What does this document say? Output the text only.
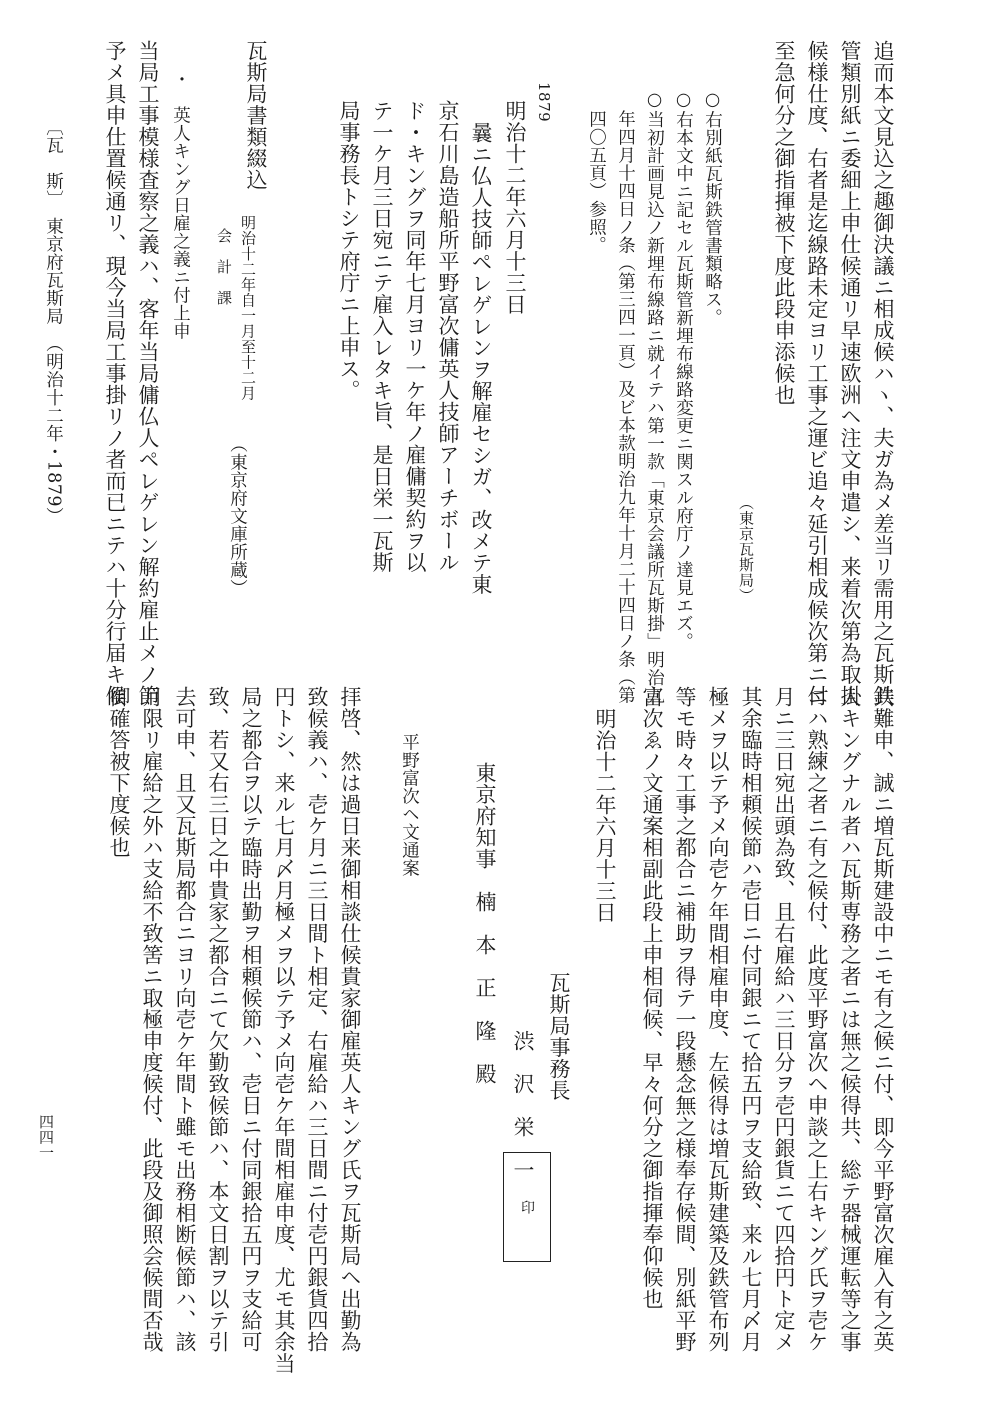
追而本文見込之趣御決議ニ相成候ハヽ、夫ガ為メ差当リ需用之瓦斯鉄

管類別紙ニ委細上申仕候通リ早速欧洲ヘ注文申遣シ、来着次第為取掛

候様仕度、右者是迄線路未定ヨリ工事之運ビ追々延引相成候次第ニ付

至急何分之御指揮被下度此段申添候也

（東京瓦斯局）

○右別紙瓦斯鉄管書類略ス。

○右本文中ニ記セル瓦斯管新埋布線路変更ニ関スル府庁ノ達見エズ。

○当初計画見込ノ新埋布線路ニ就イテハ第一款「東京会議所瓦斯掛」明治九

年四月十四日ノ条（第三四一頁）及ビ本款明治九年十月二十四日ノ条（第

四〇五頁）参照。

1879

明治十二年六月十三日

曩ニ仏人技師ペレゲレンヲ解雇セシガ、改メテ東

京石川島造船所平野富次傭英人技師アーチボール

ド・キングヲ同年七月ヨリ一ケ年ノ雇傭契約ヲ以

テ一ケ月三日宛ニテ雇入レタキ旨、是日栄一瓦斯

局事務長トシテ府庁ニ上申ス。

瓦斯局書類綴込

明治十二年自一月至十二月

会　計　課

（東京府文庫所蔵）

・　英人キング日雇之義ニ付上申

当局工事模様査察之義ハ、客年当局傭仏人ペレゲレン解約雇止メノ節

予メ具申仕置候通リ、現今当局工事掛リノ者而已ニテハ十分行届キ候

〔瓦　斯〕　東京府瓦斯局　（明治十二年・1879）

共難申、誠ニ増瓦斯建設中ニモ有之候ニ付、即今平野富次雇入有之英

人キングナル者ハ瓦斯専務之者ニは無之候得共、総テ器械運転等之事

ニハ熟練之者ニ有之候付、此度平野富次ヘ申談之上右キング氏ヲ壱ケ

月ニ三日宛出頭為致、且右雇給ハ三日分ヲ壱円銀貨ニて四拾円ト定メ

其余臨時相頼候節ハ壱日ニ付同銀ニて拾五円ヲ支給致、来ル七月〆月

極メヲ以テ予メ向壱ケ年間相雇申度、左候得は増瓦斯建築及鉄管布列

等モ時々工事之都合ニ補助ヲ得テ一段懸念無之様奉存候間、別紙平野

富次ゑノ文通案相副此段上申相伺候、早々何分之御指揮奉仰候也

明治十二年六月十三日

瓦斯局事務長

渋　沢　栄　一

印

東京府知事　楠　本　正　隆　殿

平野富次ヘ文通案

拝啓、然は過日来御相談仕候貴家御雇英人キング氏ヲ瓦斯局ヘ出勤為

致候義ハ、壱ケ月ニ三日間ト相定、右雇給ハ三日間ニ付壱円銀貨四拾

円トシ、来ル七月〆月極メヲ以テ予メ向壱ケ年間相雇申度、尤モ其余当

局之都合ヲ以テ臨時出勤ヲ相頼候節ハ、壱日ニ付同銀拾五円ヲ支給可

致、若又右三日之中貴家之都合ニて欠勤致候節ハ、本文日割ヲ以テ引

去可申、且又瓦斯局都合ニヨリ向壱ケ年間ト雖モ出務相断候節ハ、該

月限リ雇給之外ハ支給不致筈ニ取極申度候付、此段及御照会候間否哉

御確答被下度候也

四四一
